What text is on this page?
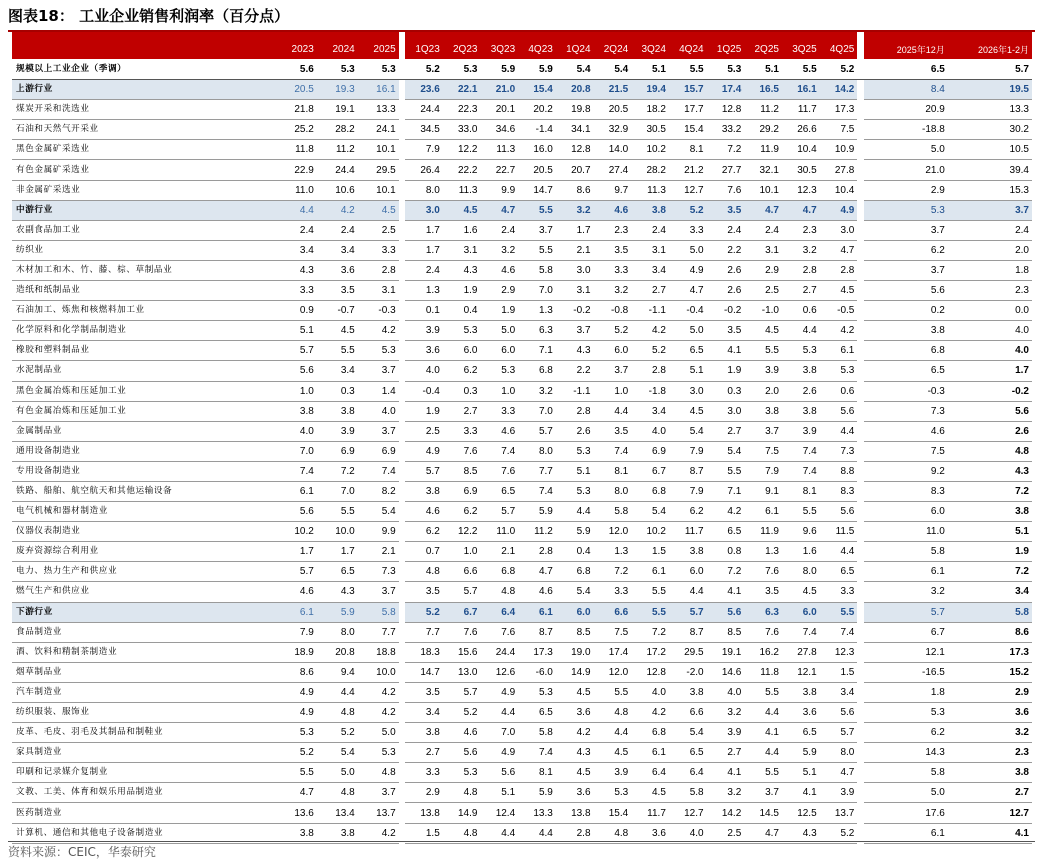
图表18： 工业企业销售利润率（百分点）
	2023	2024	2025		1Q23	2Q23	3Q23	4Q23	1Q24	2Q24	3Q24	4Q24	1Q25	2Q25	3Q25	4Q25		2025年12月	2026年1-2月
规模以上工业企业（季调）	5.6	5.3	5.3		5.2	5.3	5.9	5.9	5.4	5.4	5.1	5.5	5.3	5.1	5.5	5.2		6.5	5.7
上游行业	20.5	19.3	16.1		23.6	22.1	21.0	15.4	20.8	21.5	19.4	15.7	17.4	16.5	16.1	14.2		8.4	19.5
煤炭开采和洗选业	21.8	19.1	13.3		24.4	22.3	20.1	20.2	19.8	20.5	18.2	17.7	12.8	11.2	11.7	17.3		20.9	13.3
石油和天然气开采业	25.2	28.2	24.1		34.5	33.0	34.6	-1.4	34.1	32.9	30.5	15.4	33.2	29.2	26.6	7.5		-18.8	30.2
黑色金属矿采选业	11.8	11.2	10.1		7.9	12.2	11.3	16.0	12.8	14.0	10.2	8.1	7.2	11.9	10.4	10.9		5.0	10.5
有色金属矿采选业	22.9	24.4	29.5		26.4	22.2	22.7	20.5	20.7	27.4	28.2	21.2	27.7	32.1	30.5	27.8		21.0	39.4
非金属矿采选业	11.0	10.6	10.1		8.0	11.3	9.9	14.7	8.6	9.7	11.3	12.7	7.6	10.1	12.3	10.4		2.9	15.3
中游行业	4.4	4.2	4.5		3.0	4.5	4.7	5.5	3.2	4.6	3.8	5.2	3.5	4.7	4.7	4.9		5.3	3.7
农副食品加工业	2.4	2.4	2.5		1.7	1.6	2.4	3.7	1.7	2.3	2.4	3.3	2.4	2.4	2.3	3.0		3.7	2.4
纺织业	3.4	3.4	3.3		1.7	3.1	3.2	5.5	2.1	3.5	3.1	5.0	2.2	3.1	3.2	4.7		6.2	2.0
木材加工和木、竹、藤、棕、草制品业	4.3	3.6	2.8		2.4	4.3	4.6	5.8	3.0	3.3	3.4	4.9	2.6	2.9	2.8	2.8		3.7	1.8
造纸和纸制品业	3.3	3.5	3.1		1.3	1.9	2.9	7.0	3.1	3.2	2.7	4.7	2.6	2.5	2.7	4.5		5.6	2.3
石油加工、炼焦和核燃料加工业	0.9	-0.7	-0.3		0.1	0.4	1.9	1.3	-0.2	-0.8	-1.1	-0.4	-0.2	-1.0	0.6	-0.5		0.2	0.0
化学原料和化学制品制造业	5.1	4.5	4.2		3.9	5.3	5.0	6.3	3.7	5.2	4.2	5.0	3.5	4.5	4.4	4.2		3.8	4.0
橡胶和塑料制品业	5.7	5.5	5.3		3.6	6.0	6.0	7.1	4.3	6.0	5.2	6.5	4.1	5.5	5.3	6.1		6.8	4.0
水泥制品业	5.6	3.4	3.7		4.0	6.2	5.3	6.8	2.2	3.7	2.8	5.1	1.9	3.9	3.8	5.3		6.5	1.7
黑色金属冶炼和压延加工业	1.0	0.3	1.4		-0.4	0.3	1.0	3.2	-1.1	1.0	-1.8	3.0	0.3	2.0	2.6	0.6		-0.3	-0.2
有色金属冶炼和压延加工业	3.8	3.8	4.0		1.9	2.7	3.3	7.0	2.8	4.4	3.4	4.5	3.0	3.8	3.8	5.6		7.3	5.6
金属制品业	4.0	3.9	3.7		2.5	3.3	4.6	5.7	2.6	3.5	4.0	5.4	2.7	3.7	3.9	4.4		4.6	2.6
通用设备制造业	7.0	6.9	6.9		4.9	7.6	7.4	8.0	5.3	7.4	6.9	7.9	5.4	7.5	7.4	7.3		7.5	4.8
专用设备制造业	7.4	7.2	7.4		5.7	8.5	7.6	7.7	5.1	8.1	6.7	8.7	5.5	7.9	7.4	8.8		9.2	4.3
铁路、船舶、航空航天和其他运输设备	6.1	7.0	8.2		3.8	6.9	6.5	7.4	5.3	8.0	6.8	7.9	7.1	9.1	8.1	8.3		8.3	7.2
电气机械和器材制造业	5.6	5.5	5.4		4.6	6.2	5.7	5.9	4.4	5.8	5.4	6.2	4.2	6.1	5.5	5.6		6.0	3.8
仪器仪表制造业	10.2	10.0	9.9		6.2	12.2	11.0	11.2	5.9	12.0	10.2	11.7	6.5	11.9	9.6	11.5		11.0	5.1
废弃资源综合利用业	1.7	1.7	2.1		0.7	1.0	2.1	2.8	0.4	1.3	1.5	3.8	0.8	1.3	1.6	4.4		5.8	1.9
电力、热力生产和供应业	5.7	6.5	7.3		4.8	6.6	6.8	4.7	6.8	7.2	6.1	6.0	7.2	7.6	8.0	6.5		6.1	7.2
燃气生产和供应业	4.6	4.3	3.7		3.5	5.7	4.8	4.6	5.4	3.3	5.5	4.4	4.1	3.5	4.5	3.3		3.2	3.4
下游行业	6.1	5.9	5.8		5.2	6.7	6.4	6.1	6.0	6.6	5.5	5.7	5.6	6.3	6.0	5.5		5.7	5.8
食品制造业	7.9	8.0	7.7		7.7	7.6	7.6	8.7	8.5	7.5	7.2	8.7	8.5	7.6	7.4	7.4		6.7	8.6
酒、饮料和精制茶制造业	18.9	20.8	18.8		18.3	15.6	24.4	17.3	19.0	17.4	17.2	29.5	19.1	16.2	27.8	12.3		12.1	17.3
烟草制品业	8.6	9.4	10.0		14.7	13.0	12.6	-6.0	14.9	12.0	12.8	-2.0	14.6	11.8	12.1	1.5		-16.5	15.2
汽车制造业	4.9	4.4	4.2		3.5	5.7	4.9	5.3	4.5	5.5	4.0	3.8	4.0	5.5	3.8	3.4		1.8	2.9
纺织服装、服饰业	4.9	4.8	4.2		3.4	5.2	4.4	6.5	3.6	4.8	4.2	6.6	3.2	4.4	3.6	5.6		5.3	3.6
皮革、毛皮、羽毛及其制品和制鞋业	5.3	5.2	5.0		3.8	4.6	7.0	5.8	4.2	4.4	6.8	5.4	3.9	4.1	6.5	5.7		6.2	3.2
家具制造业	5.2	5.4	5.3		2.7	5.6	4.9	7.4	4.3	4.5	6.1	6.5	2.7	4.4	5.9	8.0		14.3	2.3
印刷和记录媒介复制业	5.5	5.0	4.8		3.3	5.3	5.6	8.1	4.5	3.9	6.4	6.4	4.1	5.5	5.1	4.7		5.8	3.8
文教、工美、体育和娱乐用品制造业	4.7	4.8	3.7		2.9	4.8	5.1	5.9	3.6	5.3	4.5	5.8	3.2	3.7	4.1	3.9		5.0	2.7
医药制造业	13.6	13.4	13.7		13.8	14.9	12.4	13.3	13.8	15.4	11.7	12.7	14.2	14.5	12.5	13.7		17.6	12.7
计算机、通信和其他电子设备制造业	3.8	3.8	4.2		1.5	4.8	4.4	4.4	2.8	4.8	3.6	4.0	2.5	4.7	4.3	5.2		6.1	4.1
资料来源：CEIC，华泰研究
